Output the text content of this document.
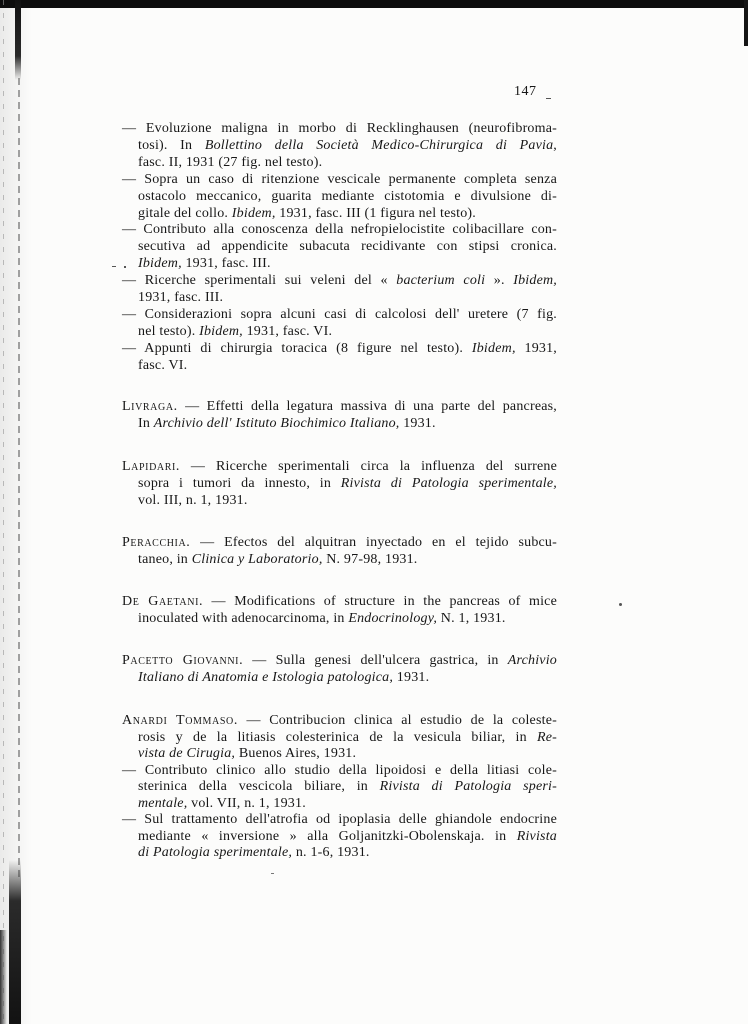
147
— Evoluzione maligna in morbo di Recklinghausen (neurofibroma-
tosi). In Bollettino della Società Medico-Chirurgica di Pavia,
fasc. II, 1931 (27 fig. nel testo).
— Sopra un caso di ritenzione vescicale permanente completa senza
ostacolo meccanico, guarita mediante cistotomia e divulsione di-
gitale del collo. Ibidem, 1931, fasc. III (1 figura nel testo).
— Contributo alla conoscenza della nefropielocistite colibacillare con-
secutiva ad appendicite subacuta recidivante con stipsi cronica.
Ibidem, 1931, fasc. III.
— Ricerche sperimentali sui veleni del « bacterium coli ». Ibidem,
1931, fasc. III.
— Considerazioni sopra alcuni casi di calcolosi dell' uretere (7 fig.
nel testo). Ibidem, 1931, fasc. VI.
— Appunti di chirurgia toracica (8 figure nel testo). Ibidem, 1931,
fasc. VI.
Livraga. — Effetti della legatura massiva di una parte del pancreas,
In Archivio dell' Istituto Biochimico Italiano, 1931.
Lapidari. — Ricerche sperimentali circa la influenza del surrene
sopra i tumori da innesto, in Rivista di Patologia sperimentale,
vol. III, n. 1, 1931.
Peracchia. — Efectos del alquitran inyectado en el tejido subcu-
taneo, in Clinica y Laboratorio, N. 97-98, 1931.
De Gaetani. — Modifications of structure in the pancreas of mice
inoculated with adenocarcinoma, in Endocrinology, N. 1, 1931.
Pacetto Giovanni. — Sulla genesi dell'ulcera gastrica, in Archivio
Italiano di Anatomia e Istologia patologica, 1931.
Anardi Tommaso. — Contribucion clinica al estudio de la coleste-
rosis y de la litiasis colesterinica de la vesicula biliar, in Re-
vista de Cirugia, Buenos Aires, 1931.
— Contributo clinico allo studio della lipoidosi e della litiasi cole-
sterinica della vescicola biliare, in Rivista di Patologia speri-
mentale, vol. VII, n. 1, 1931.
— Sul trattamento dell'atrofia od ipoplasia delle ghiandole endocrine
mediante « inversione » alla Goljanitzki-Obolenskaja. in Rivista
di Patologia sperimentale, n. 1-6, 1931.
